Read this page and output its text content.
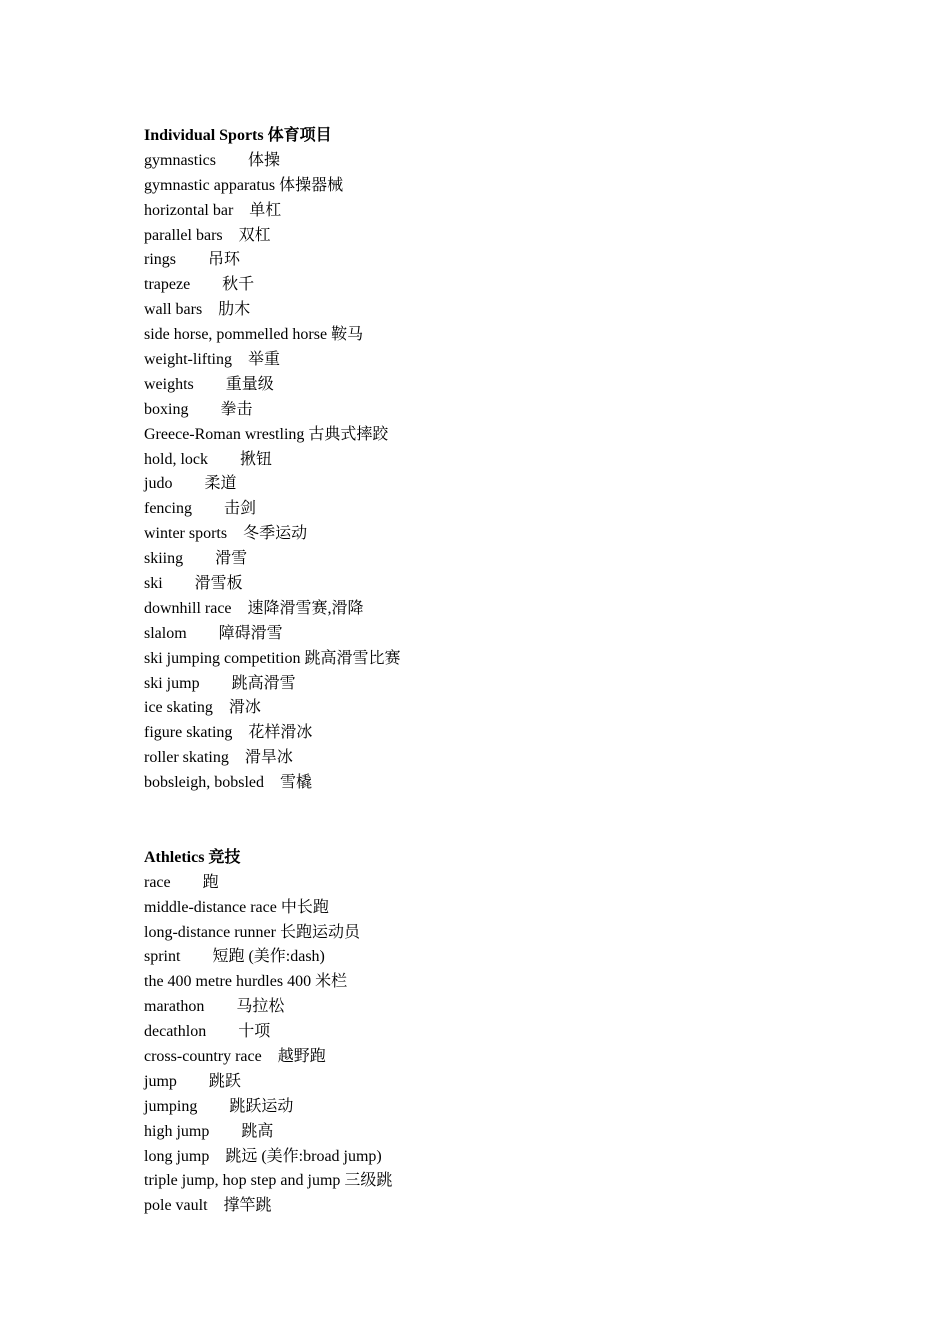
Individual Sports 体育项目
gymnastics　　体操
gymnastic apparatus 体操器械
horizontal bar　单杠
parallel bars　双杠
rings　　吊环
trapeze　　秋千
wall bars　肋木
side horse, pommelled horse 鞍马
weight-lifting　举重
weights　　重量级
boxing　　拳击
Greece-Roman wrestling 古典式摔跤
hold, lock　　揪钮
judo　　柔道
fencing　　击剑
winter sports　冬季运动
skiing　　滑雪
ski　　滑雪板
downhill race　速降滑雪赛,滑降
slalom　　障碍滑雪
ski jumping competition 跳高滑雪比赛
ski jump　　跳高滑雪
ice skating　滑冰
figure skating　花样滑冰
roller skating　滑旱冰
bobsleigh, bobsled　雪橇
Athletics 竞技
race　　跑
middle-distance race 中长跑
long-distance runner 长跑运动员
sprint　　短跑 (美作:dash)
the 400 metre hurdles 400 米栏
marathon　　马拉松
decathlon　　十项
cross-country race　越野跑
jump　　跳跃
jumping　　跳跃运动
high jump　　跳高
long jump　跳远 (美作:broad jump)
triple jump, hop step and jump 三级跳
pole vault　撑竿跳
